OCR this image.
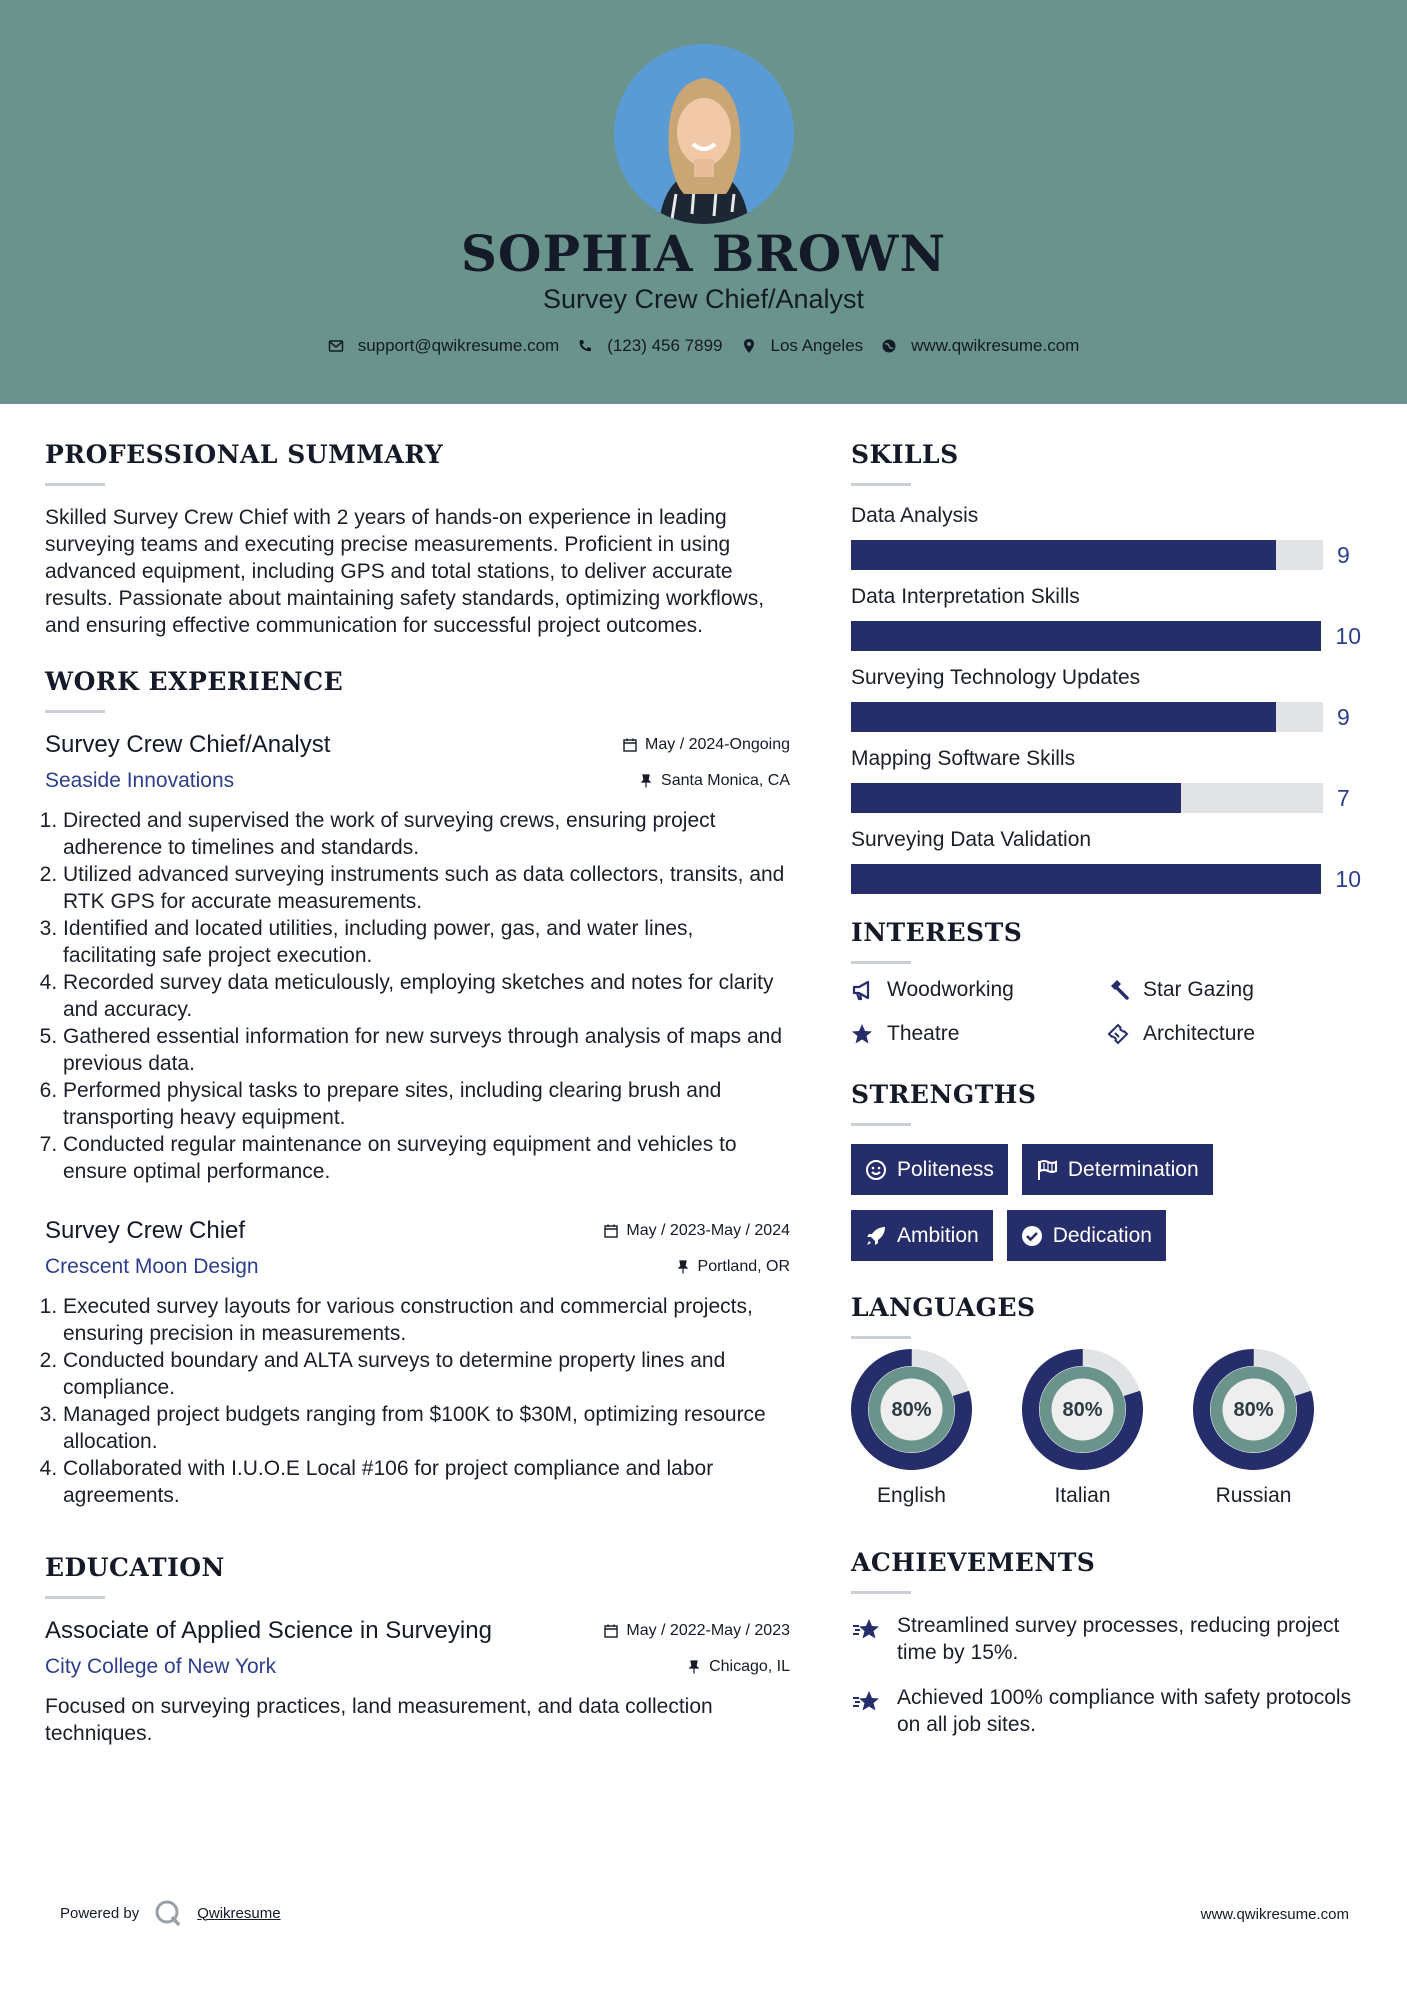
SOPHIA BROWN
Survey Crew Chief/Analyst
support@qwikresume.com	(123) 456 7899	Los Angeles	www.qwikresume.com
PROFESSIONAL SUMMARY

Skilled Survey Crew Chief with 2 years of hands-on experience in leading surveying teams and executing precise measurements. Proficient in using advanced equipment, including GPS and total stations, to deliver accurate results. Passionate about maintaining safety standards, optimizing workflows, and ensuring effective communication for successful project outcomes.

WORK EXPERIENCE
Survey Crew Chief/Analyst	May / 2024-Ongoing
Seaside Innovations	Santa Monica, CA
1. Directed and supervised the work of surveying crews, ensuring project adherence to timelines and standards.
2. Utilized advanced surveying instruments such as data collectors, transits, and RTK GPS for accurate measurements.
3. Identified and located utilities, including power, gas, and water lines, facilitating safe project execution.
4. Recorded survey data meticulously, employing sketches and notes for clarity and accuracy.
5. Gathered essential information for new surveys through analysis of maps and previous data.
6. Performed physical tasks to prepare sites, including clearing brush and transporting heavy equipment.
7. Conducted regular maintenance on surveying equipment and vehicles to ensure optimal performance.
Survey Crew Chief	May / 2023-May / 2024
Crescent Moon Design	Portland, OR
1. Executed survey layouts for various construction and commercial projects, ensuring precision in measurements.
2. Conducted boundary and ALTA surveys to determine property lines and compliance.
3. Managed project budgets ranging from $100K to $30M, optimizing resource allocation.
4. Collaborated with I.U.O.E Local #106 for project compliance and labor agreements.
EDUCATION
Associate of Applied Science in Surveying	May / 2022-May / 2023
City College of New York	Chicago, IL

Focused on surveying practices, land measurement, and data collection techniques.

SKILLS
Data Analysis
9
Data Interpretation Skills
10
Surveying Technology Updates
9
Mapping Software Skills
7
Surveying Data Validation
10
INTERESTS
Woodworking	Star Gazing
Theatre	Architecture
STRENGTHS
Politeness	Determination
Ambition	Dedication
LANGUAGES
80%
English
80%
Italian
80%
Russian
ACHIEVEMENTS
Streamlined survey processes, reducing project time by 15%.
Achieved 100% compliance with safety protocols on all job sites.
Powered by	Qwikresume	www.qwikresume.com
